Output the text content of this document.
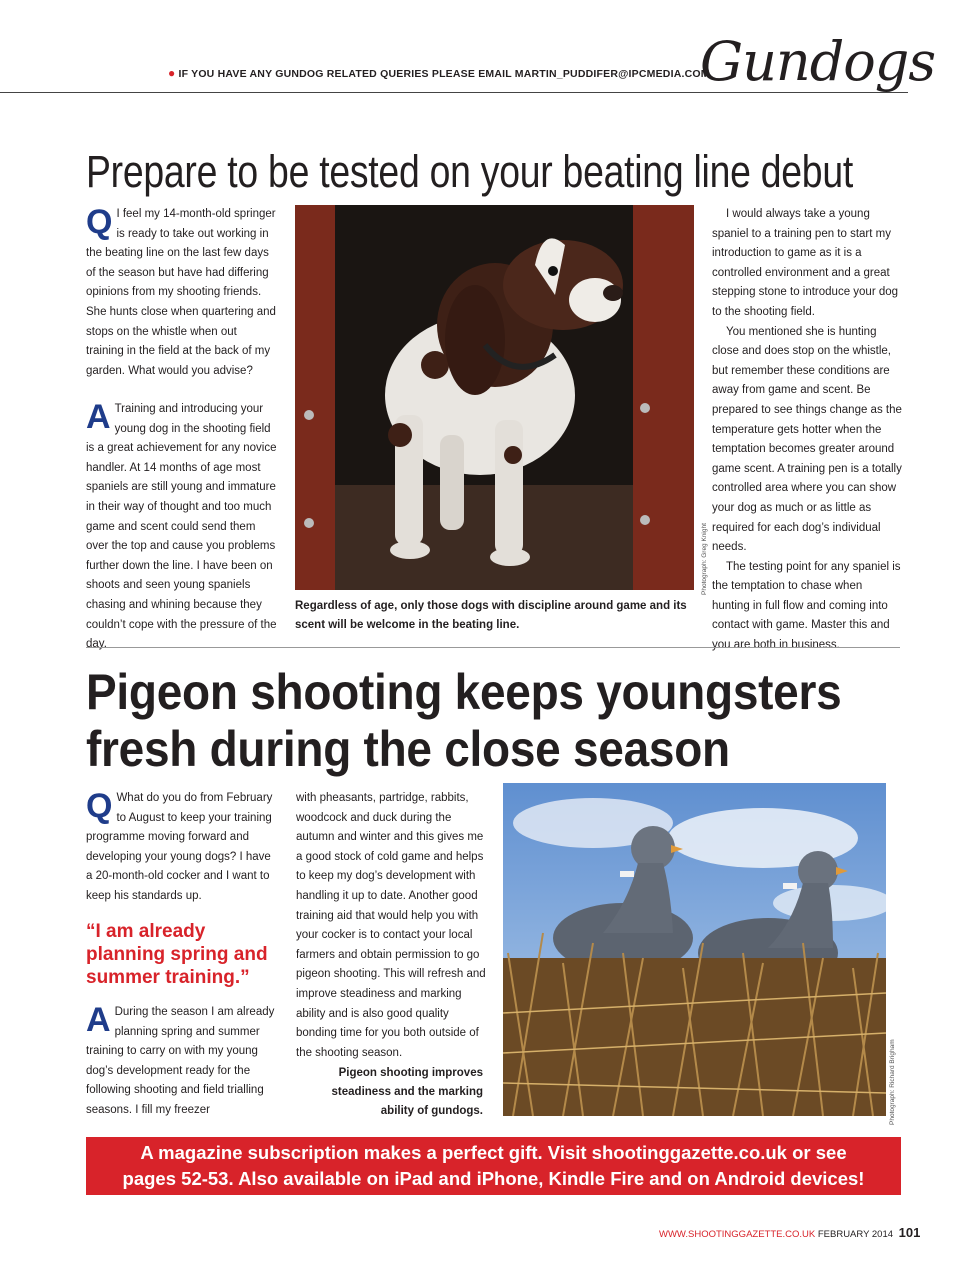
● IF YOU HAVE ANY GUNDOG RELATED QUERIES PLEASE EMAIL MARTIN_PUDDIFER@IPCMEDIA.COM
Gundogs
Prepare to be tested on your beating line debut
Q I feel my 14-month-old springer is ready to take out working in the beating line on the last few days of the season but have had differing opinions from my shooting friends. She hunts close when quartering and stops on the whistle when out training in the field at the back of my garden. What would you advise?
A Training and introducing your young dog in the shooting field is a great achievement for any novice handler. At 14 months of age most spaniels are still young and immature in their way of thought and too much game and scent could send them over the top and cause you problems further down the line. I have been on shoots and seen young spaniels chasing and whining because they couldn’t cope with the pressure of the day.
Photograph: Greg Knight
Regardless of age, only those dogs with discipline around game and its scent will be welcome in the beating line.

I would always take a young spaniel to a training pen to start my introduction to game as it is a controlled environment and a great stepping stone to introduce your dog to the shooting field.

You mentioned she is hunting close and does stop on the whistle, but remember these conditions are away from game and scent. Be prepared to see things change as the temperature gets hotter when the temptation becomes greater around game scent. A training pen is a totally controlled area where you can show your dog as much or as little as required for each dog’s individual needs.

The testing point for any spaniel is the temptation to chase when hunting in full flow and coming into contact with game. Master this and you are both in business.

Pigeon shooting keeps youngsters
fresh during the close season
Q What do you do from February to August to keep your training programme moving forward and developing your young dogs? I have a 20-month-old cocker and I want to keep his standards up.
“I am already planning spring and summer training.”
A During the season I am already planning spring and summer training to carry on with my young dog’s development ready for the following shooting and field trialling seasons. I fill my freezer
with pheasants, partridge, rabbits, woodcock and duck during the autumn and winter and this gives me a good stock of cold game and helps to keep my dog’s development with handling it up to date. Another good training aid that would help you with your cocker is to contact your local farmers and obtain permission to go pigeon shooting. This will refresh and improve steadiness and marking ability and is also good quality bonding time for you both outside of the shooting season.
Pigeon shooting improves steadiness and the marking ability of gundogs.	Photograph: Richard Brigham
A magazine subscription makes a perfect gift. Visit shootinggazette.co.uk or see
pages 52-53. Also available on iPad and iPhone, Kindle Fire and on Android devices!
WWW.SHOOTINGGAZETTE.CO.UK FEBRUARY 2014 101
